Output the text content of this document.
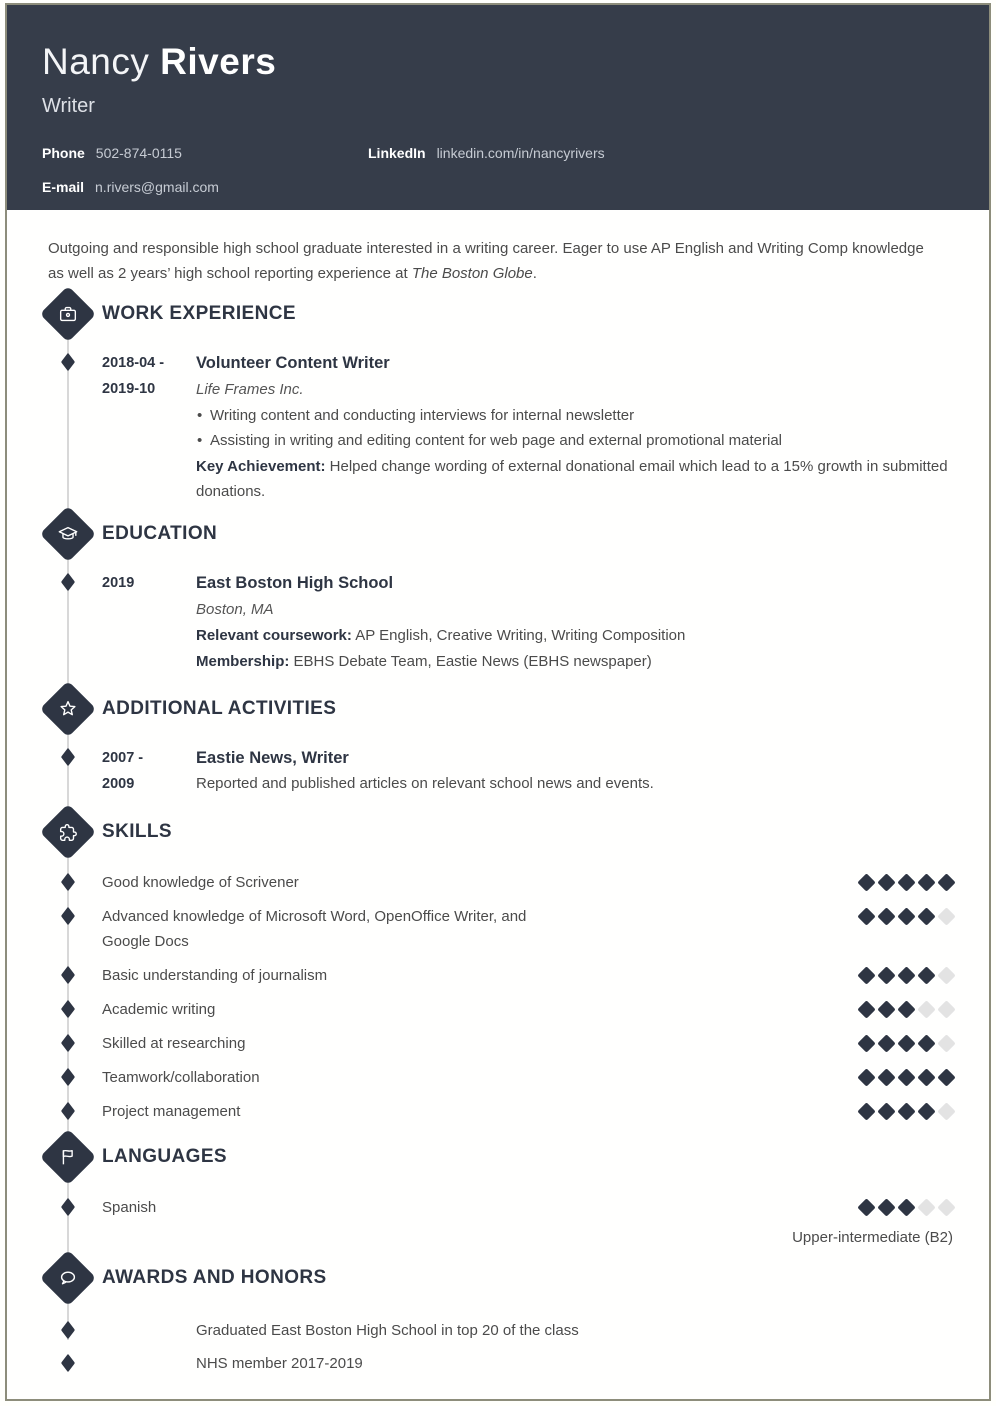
Nancy Rivers
Writer
Phone 502-874-0115	LinkedIn linkedin.com/in/nancyrivers
E-mail n.rivers@gmail.com
Outgoing and responsible high school graduate interested in a writing career. Eager to use AP English and Writing Comp knowledge as well as 2 years’ high school reporting experience at The Boston Globe.
WORK EXPERIENCE
2018-04 -
2019-10
Volunteer Content Writer
Life Frames Inc.
• Writing content and conducting interviews for internal newsletter
• Assisting in writing and editing content for web page and external promotional material
Key Achievement: Helped change wording of external donational email which lead to a 15% growth in submitted donations.
EDUCATION
2019	East Boston High School
Boston, MA
Relevant coursework: AP English, Creative Writing, Writing Composition
Membership: EBHS Debate Team, Eastie News (EBHS newspaper)
ADDITIONAL ACTIVITIES
2007 -
2009
Eastie News, Writer
Reported and published articles on relevant school news and events.
SKILLS
Good knowledge of Scrivener
Advanced knowledge of Microsoft Word, OpenOffice Writer, and Google Docs
Basic understanding of journalism
Academic writing
Skilled at researching
Teamwork/collaboration
Project management
LANGUAGES
Spanish
Upper-intermediate (B2)
AWARDS AND HONORS
Graduated East Boston High School in top 20 of the class
NHS member 2017-2019
